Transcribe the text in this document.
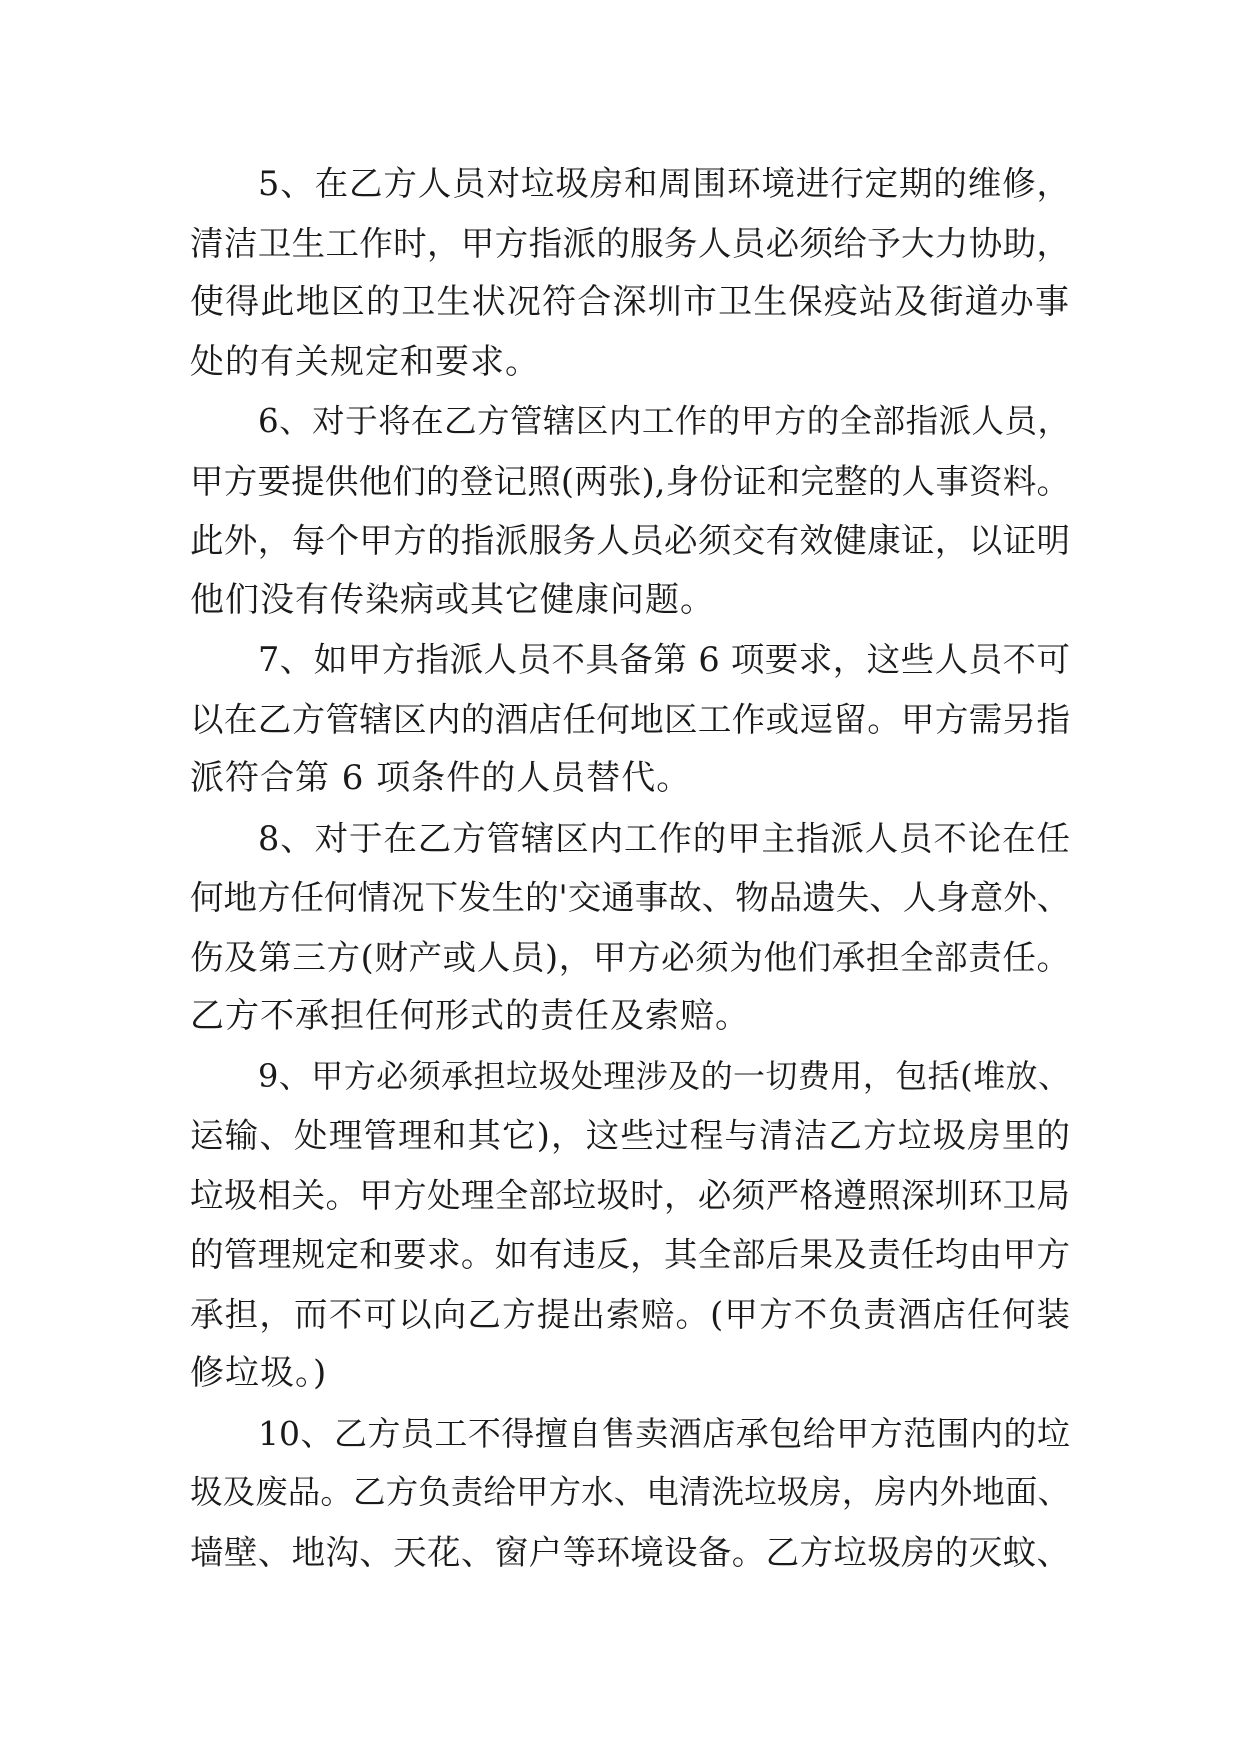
5、在乙方人员对垃圾房和周围环境进行定期的维修，
清洁卫生工作时，甲方指派的服务人员必须给予大力协助，
使得此地区的卫生状况符合深圳市卫生保疫站及街道办事
处的有关规定和要求。
6、对于将在乙方管辖区内工作的甲方的全部指派人员，
甲方要提供他们的登记照(两张),身份证和完整的人事资料。
此外，每个甲方的指派服务人员必须交有效健康证，以证明
他们没有传染病或其它健康问题。
7、如甲方指派人员不具备第 6 项要求，这些人员不可
以在乙方管辖区内的酒店任何地区工作或逗留。甲方需另指
派符合第 6 项条件的人员替代。
8、对于在乙方管辖区内工作的甲主指派人员不论在任
何地方任何情况下发生的'交通事故、物品遗失、人身意外、
伤及第三方(财产或人员)，甲方必须为他们承担全部责任。
乙方不承担任何形式的责任及索赔。
9、甲方必须承担垃圾处理涉及的一切费用，包括(堆放、
运输、处理管理和其它)，这些过程与清洁乙方垃圾房里的
垃圾相关。甲方处理全部垃圾时，必须严格遵照深圳环卫局
的管理规定和要求。如有违反，其全部后果及责任均由甲方
承担，而不可以向乙方提出索赔。(甲方不负责酒店任何装
修垃圾。)
10、乙方员工不得擅自售卖酒店承包给甲方范围内的垃
圾及废品。乙方负责给甲方水、电清洗垃圾房，房内外地面、
墙壁、地沟、天花、窗户等环境设备。乙方垃圾房的灭蚊、
